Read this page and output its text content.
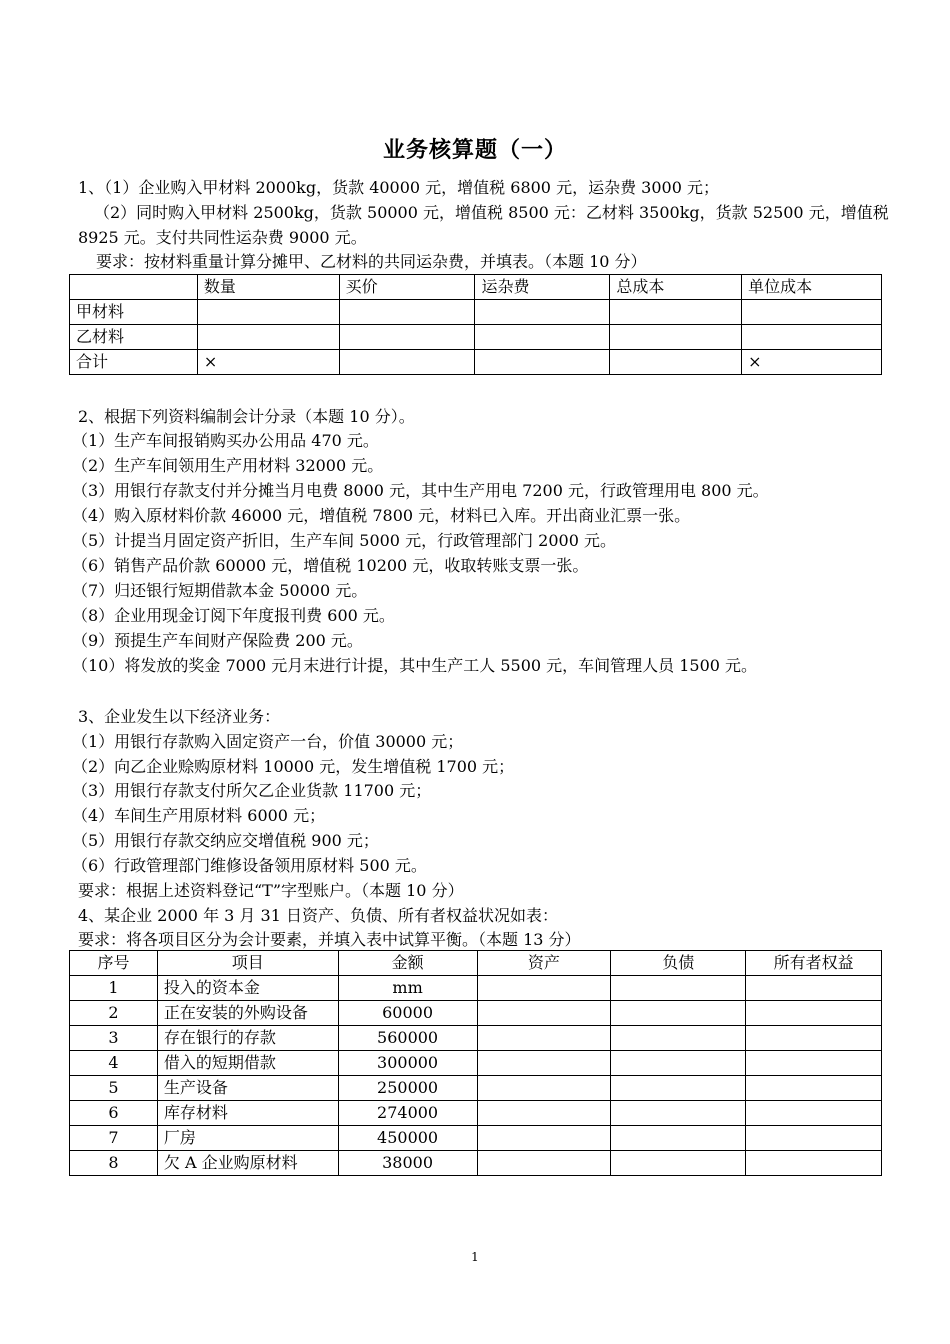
业务核算题（一）
1、（1）企业购入甲材料 2000kg，货款 40000 元，增值税 6800 元，运杂费 3000 元；
（2）同时购入甲材料 2500kg，货款 50000 元，增值税 8500 元：乙材料 3500kg，货款 52500 元，增值税 8925 元。支付共同性运杂费 9000 元。
要求：按材料重量计算分摊甲、乙材料的共同运杂费，并填表。（本题 10 分）
	数量	买价	运杂费	总成本	单位成本
甲材料					
乙材料					
合计	×				×
2、根据下列资料编制会计分录（本题 10 分）。
（1）生产车间报销购买办公用品 470 元。
（2）生产车间领用生产用材料 32000 元。
（3）用银行存款支付并分摊当月电费 8000 元，其中生产用电 7200 元，行政管理用电 800 元。
（4）购入原材料价款 46000 元，增值税 7800 元，材料已入库。开出商业汇票一张。
（5）计提当月固定资产折旧，生产车间 5000 元，行政管理部门 2000 元。
（6）销售产品价款 60000 元，增值税 10200 元，收取转账支票一张。
（7）归还银行短期借款本金 50000 元。
（8）企业用现金订阅下年度报刊费 600 元。
（9）预提生产车间财产保险费 200 元。
（10）将发放的奖金 7000 元月末进行计提，其中生产工人 5500 元，车间管理人员 1500 元。
3、企业发生以下经济业务：
（1）用银行存款购入固定资产一台，价值 30000 元；
（2）向乙企业赊购原材料 10000 元，发生增值税 1700 元；
（3）用银行存款支付所欠乙企业货款 11700 元；
（4）车间生产用原材料 6000 元；
（5）用银行存款交纳应交增值税 900 元；
（6）行政管理部门维修设备领用原材料 500 元。
要求：根据上述资料登记“T”字型账户。（本题 10 分）
4、某企业 2000 年 3 月 31 日资产、负债、所有者权益状况如表：
要求：将各项目区分为会计要素，并填入表中试算平衡。（本题 13 分）
序号	项目	金额	资产	负债	所有者权益
1	投入的资本金	mm			
2	正在安装的外购设备	60000			
3	存在银行的存款	560000			
4	借入的短期借款	300000			
5	生产设备	250000			
6	库存材料	274000			
7	厂房	450000			
8	欠 A 企业购原材料	38000			
1
